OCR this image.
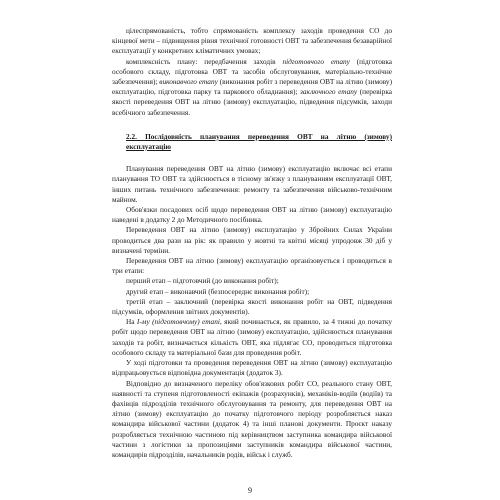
цілеспрямованість, тобто спрямованість комплексу заходів проведення СО до кінцевої мети – підвищення рівня технічної готовності ОВТ та забезпечення безаварійної експлуатації у конкретних кліматичних умовах;

комплексність плану: передбачення заходів підготовчого етапу (підготовка особового складу, підготовка ОВТ та засобів обслуговування, матеріально-технічне забезпечення); виконавчого етапу (виконання робіт з переведення ОВТ на літню (зимову) експлуатацію, підготовка парку та паркового обладнання); заключного етапу (перевірка якості переведення ОВТ на літню (зимову) експлуатацію, підведення підсумків, заходи всебічного забезпечення.

2.2. Послідовність планування переведення ОВТ на літню (зимову) експлуатацію

Планування переведення ОВТ на літню (зимову) експлуатацію включає всі етапи планування ТО ОВТ та здійснюється в тісному зв'язку з плануванням експлуатації ОВТ, інших питань технічного забезпечення: ремонту та забезпечення військово-технічним майном.

Обов'язки посадових осіб щодо переведення ОВТ на літню (зимову) експлуатацію наведені в додатку 2 до Методичного посібника.

Переведення ОВТ на літню (зимову) експлуатацію у Збройних Силах України проводиться два рази на рік: як правило у жовтні та квітні місяці упродовж 30 діб у визначені терміни.

Переведення ОВТ на літню (зимову) експлуатацію організовується і проводиться в три етапи:

перший етап – підготовчий (до виконання робіт);

другий етап – виконавчий (безпосереднє виконання робіт);

третій етап – заключний (перевірка якості виконання робіт на ОВТ, підведення підсумків, оформлення звітних документів).

На I-му (підготовчому) етапі, який починається, як правило, за 4 тижні до початку робіт щодо переведення ОВТ на літню (зимову) експлуатацію, здійснюється планування заходів та робіт, визначається кількість ОВТ, яка підлягає СО, проводиться підготовка особового складу та матеріальної бази для проведення робіт.

У ході підготовки та проведення переведення ОВТ на літню (зимову) експлуатацію відпрацьовується відповідна документація (додаток 3).

Відповідно до визначеного переліку обов'язкових робіт СО, реального стану ОВТ, наявності та ступеня підготовленості екіпажів (розрахунків), механіків-водіїв (водіїв) та фахівців підрозділів технічного обслуговування та ремонту, для переведення ОВТ на літню (зимову) експлуатацію до початку підготовчого періоду розробляється наказ командира військової частини (додаток 4) та інші планові документи. Проєкт наказу розробляється технічною частиною під керівництвом заступника командира військової частини з логістики за пропозиціями заступників командира військової частини, командирів підрозділів, начальників родів, військ і служб.

9
